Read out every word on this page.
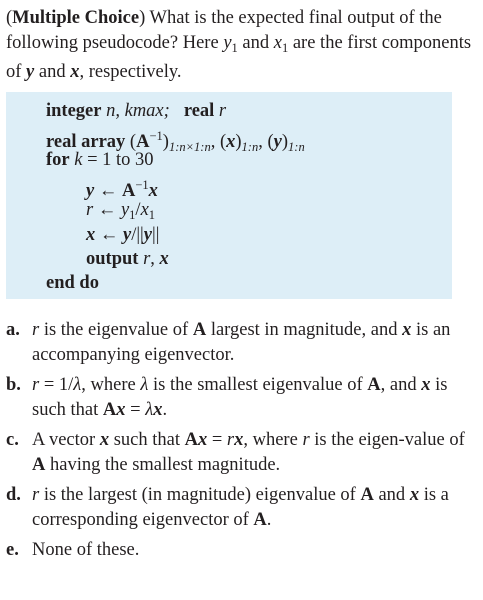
(Multiple Choice) What is the expected final output of the following pseudocode? Here $y_1$ and $x_1$ are the first components of y and x, respectively.
integer n, kmax; real r
real array $(A^{-1})_{1:n\times 1:n}$, $(x)_{1:n}$, $(y)_{1:n}$
for k = 1 to 30
y ← $A^{-1}x$
r ← $y_1/x_1$
x ← y/||y||
output r, x
end do
a. r is the eigenvalue of A largest in magnitude, and x is an accompanying eigenvector.
b. r = 1/λ, where λ is the smallest eigenvalue of A, and x is such that Ax = λx.
c. A vector x such that Ax = rx, where r is the eigen-value of A having the smallest magnitude.
d. r is the largest (in magnitude) eigenvalue of A and x is a corresponding eigenvector of A.
e. None of these.
